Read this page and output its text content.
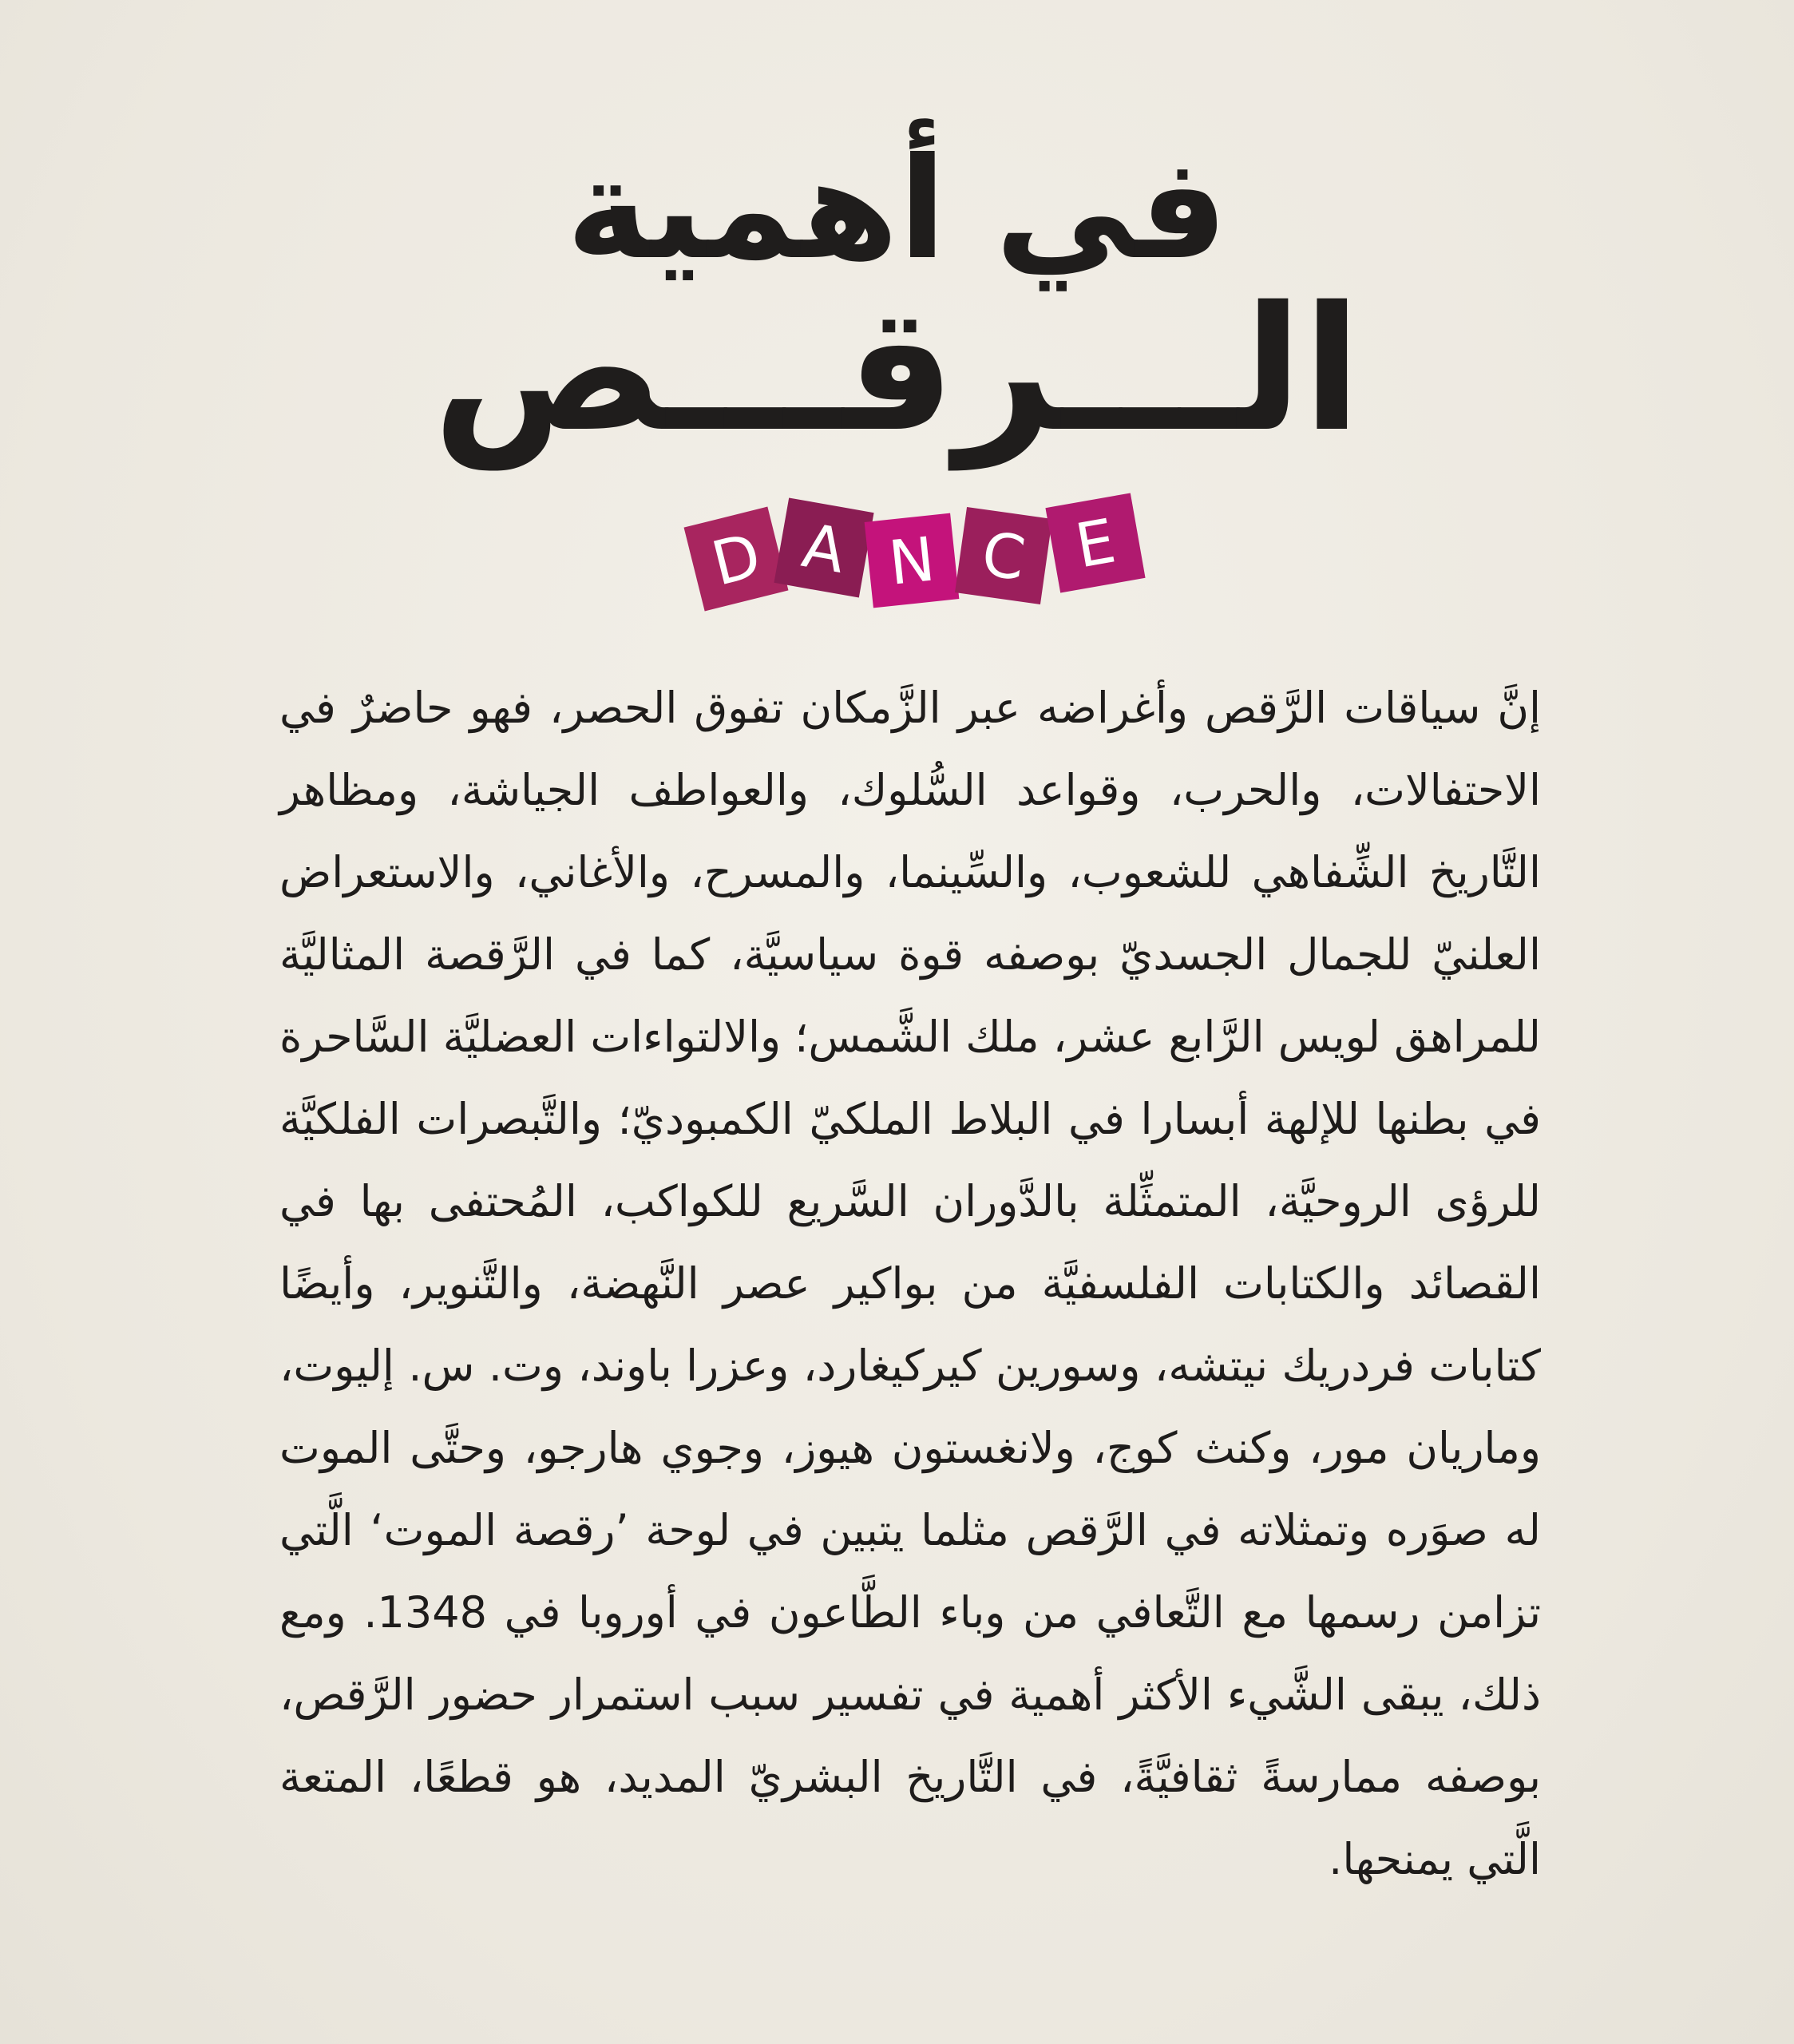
في أهمية
الـــرقـــص
D A N C E

إنَّ سياقات الرَّقص وأغراضه عبر الزَّمكان تفوق الحصر، فهو حاضرٌ في الاحتفالات، والحرب، وقواعد السُّلوك، والعواطف الجياشة، ومظاهر التَّاريخ الشِّفاهي للشعوب، والسِّينما، والمسرح، والأغاني، والاستعراض العلنيّ للجمال الجسديّ بوصفه قوة سياسيَّة، كما في الرَّقصة المثاليَّة للمراهق لويس الرَّابع عشر، ملك الشَّمس؛ والالتواءات العضليَّة السَّاحرة في بطنها للإلهة أبسارا في البلاط الملكيّ الكمبوديّ؛ والتَّبصرات الفلكيَّة للرؤى الروحيَّة، المتمثِّلة بالدَّوران السَّريع للكواكب، المُحتفى بها في القصائد والكتابات الفلسفيَّة من بواكير عصر النَّهضة، والتَّنوير، وأيضًا كتابات فردريك نيتشه، وسورين كيركيغارد، وعزرا باوند، وت. س. إليوت، وماريان مور، وكنث كوج، ولانغستون هيوز، وجوي هارجو، وحتَّى الموت له صوَره وتمثلاته في الرَّقص مثلما يتبين في لوحة ’رقصة الموت‘ الَّتي تزامن رسمها مع التَّعافي من وباء الطَّاعون في أوروبا في 1348. ومع ذلك، يبقى الشَّيء الأكثر أهمية في تفسير سبب استمرار حضور الرَّقص، بوصفه ممارسةً ثقافيَّةً، في التَّاريخ البشريّ المديد، هو قطعًا، المتعة الَّتي يمنحها.
